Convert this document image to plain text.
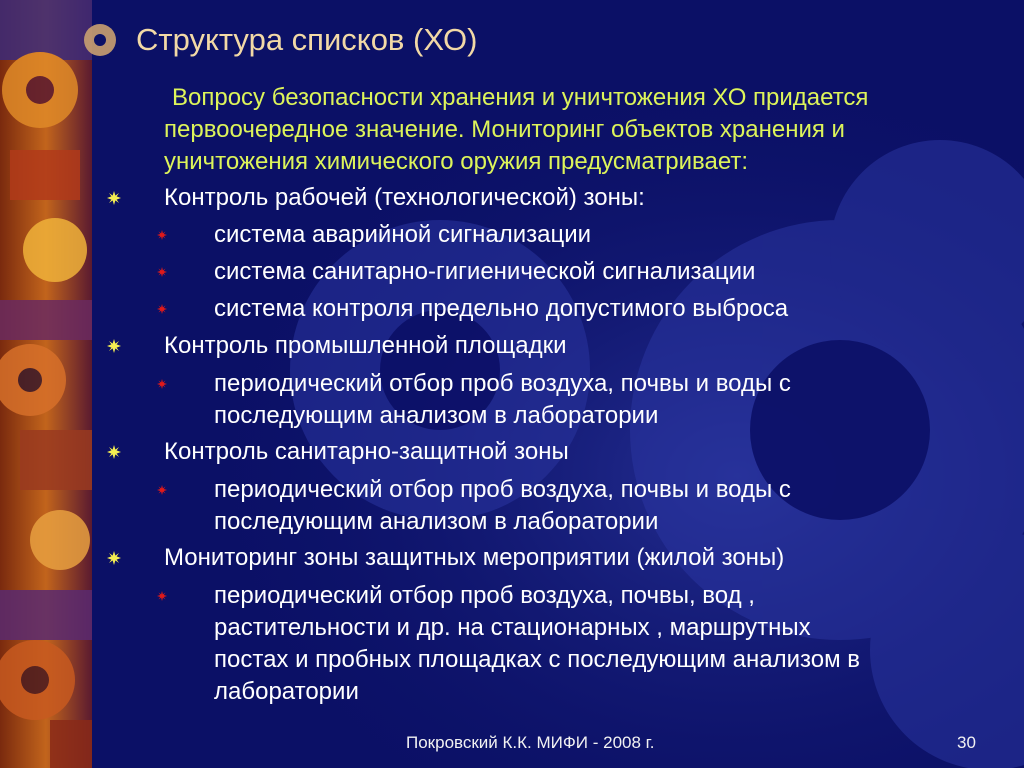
Структура списков (ХО)
Вопросу безопасности хранения и уничтожения ХО придается
первоочередное значение. Мониторинг объектов хранения и
уничтожения химического оружия предусматривает:
Контроль рабочей (технологической) зоны:
система аварийной сигнализации
система санитарно-гигиенической сигнализации
система контроля предельно допустимого выброса
Контроль промышленной площадки
периодический отбор проб воздуха, почвы и воды с
последующим анализом в лаборатории
Контроль санитарно-защитной зоны
периодический отбор проб воздуха, почвы и воды с
последующим анализом в лаборатории
Мониторинг зоны защитных мероприятии (жилой зоны)
периодический отбор проб воздуха, почвы, вод ,
растительности и др. на стационарных , маршрутных
постах и пробных площадках с последующим анализом в
лаборатории
Покровский К.К. МИФИ - 2008 г.	30
